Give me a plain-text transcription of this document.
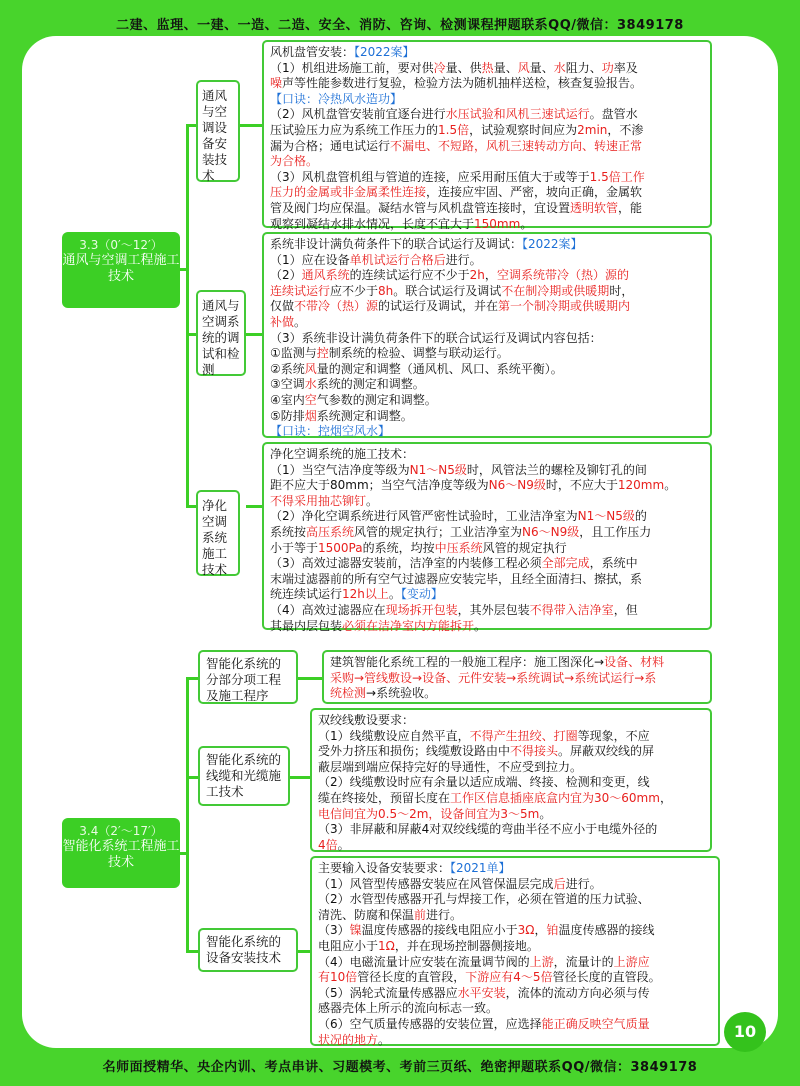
二建、监理、一建、一造、二造、安全、消防、咨询、检测课程押题联系QQ/微信：3849178
3.3（0′～12′）
通风与空调工程施工技术
通风与空调设备安装技术
通风与空调系统的调试和检测
净化空调系统施工技术
风机盘管安装：【2022案】
（1）机组进场施工前，要对供冷量、供热量、风量、水阻力、功率及
噪声等性能参数进行复验，检验方法为随机抽样送检，核查复验报告。
【口诀：冷热风水造功】
（2）风机盘管安装前宜逐台进行水压试验和风机三速试运行。盘管水
压试验压力应为系统工作压力的1.5倍，试验观察时间应为2min，不渗
漏为合格；通电试运行不漏电、不短路，风机三速转动方向、转速正常
为合格。
（3）风机盘管机组与管道的连接，应采用耐压值大于或等于1.5倍工作
压力的金属或非金属柔性连接，连接应牢固、严密，坡向正确，金属软
管及阀门均应保温。凝结水管与风机盘管连接时，宜设置透明软管，能
观察到凝结水排水情况，长度不宜大于150mm。
系统非设计满负荷条件下的联合试运行及调试：【2022案】
（1）应在设备单机试运行合格后进行。
（2）通风系统的连续试运行应不少于2h，空调系统带冷（热）源的
连续试运行应不少于8h。联合试运行及调试不在制冷期或供暖期时，
仅做不带冷（热）源的试运行及调试，并在第一个制冷期或供暖期内
补做。
（3）系统非设计满负荷条件下的联合试运行及调试内容包括：
①监测与控制系统的检验、调整与联动运行。
②系统风量的测定和调整（通风机、风口、系统平衡）。
③空调水系统的测定和调整。
④室内空气参数的测定和调整。
⑤防排烟系统测定和调整。
【口诀：控烟空风水】
净化空调系统的施工技术：
（1）当空气洁净度等级为N1～N5级时，风管法兰的螺栓及铆钉孔的间
距不应大于80mm；当空气洁净度等级为N6～N9级时，不应大于120mm。
不得采用抽芯铆钉。
（2）净化空调系统进行风管严密性试验时，工业洁净室为N1～N5级的
系统按高压系统风管的规定执行；工业洁净室为N6～N9级，且工作压力
小于等于1500Pa的系统，均按中压系统风管的规定执行
（3）高效过滤器安装前，洁净室的内装修工程必须全部完成，系统中
末端过滤器前的所有空气过滤器应安装完毕，且经全面清扫、擦拭，系
统连续试运行12h以上。【变动】
（4）高效过滤器应在现场拆开包装，其外层包装不得带入洁净室，但
其最内层包装必须在洁净室内方能拆开。
3.4（2′～17′）
智能化系统工程施工技术
智能化系统的分部分项工程及施工程序
智能化系统的线缆和光缆施工技术
智能化系统的设备安装技术
建筑智能化系统工程的一般施工程序：施工图深化→设备、材料
采购→管线敷设→设备、元件安装→系统调试→系统试运行→系
统检测→系统验收。
双绞线敷设要求：
（1）线缆敷设应自然平直，不得产生扭绞、打圈等现象，不应
受外力挤压和损伤；线缆敷设路由中不得接头。屏蔽双绞线的屏
蔽层端到端应保持完好的导通性，不应受到拉力。
（2）线缆敷设时应有余量以适应成端、终接、检测和变更，线
缆在终接处，预留长度在工作区信息插座底盒内宜为30～60mm，
电信间宜为0.5～2m，设备间宜为3～5m。
（3）非屏蔽和屏蔽4对双绞线缆的弯曲半径不应小于电缆外径的
4倍。
主要输入设备安装要求：【2021单】
（1）风管型传感器安装应在风管保温层完成后进行。
（2）水管型传感器开孔与焊接工作，必须在管道的压力试验、
清洗、防腐和保温前进行。
（3）镍温度传感器的接线电阻应小于3Ω，铂温度传感器的接线
电阻应小于1Ω，并在现场控制器侧接地。
（4）电磁流量计应安装在流量调节阀的上游，流量计的上游应
有10倍管径长度的直管段，下游应有4～5倍管径长度的直管段。
（5）涡轮式流量传感器应水平安装，流体的流动方向必须与传
感器壳体上所示的流向标志一致。
（6）空气质量传感器的安装位置，应选择能正确反映空气质量
状况的地方。	10
名师面授精华、央企内训、考点串讲、习题模考、考前三页纸、绝密押题联系QQ/微信：3849178
